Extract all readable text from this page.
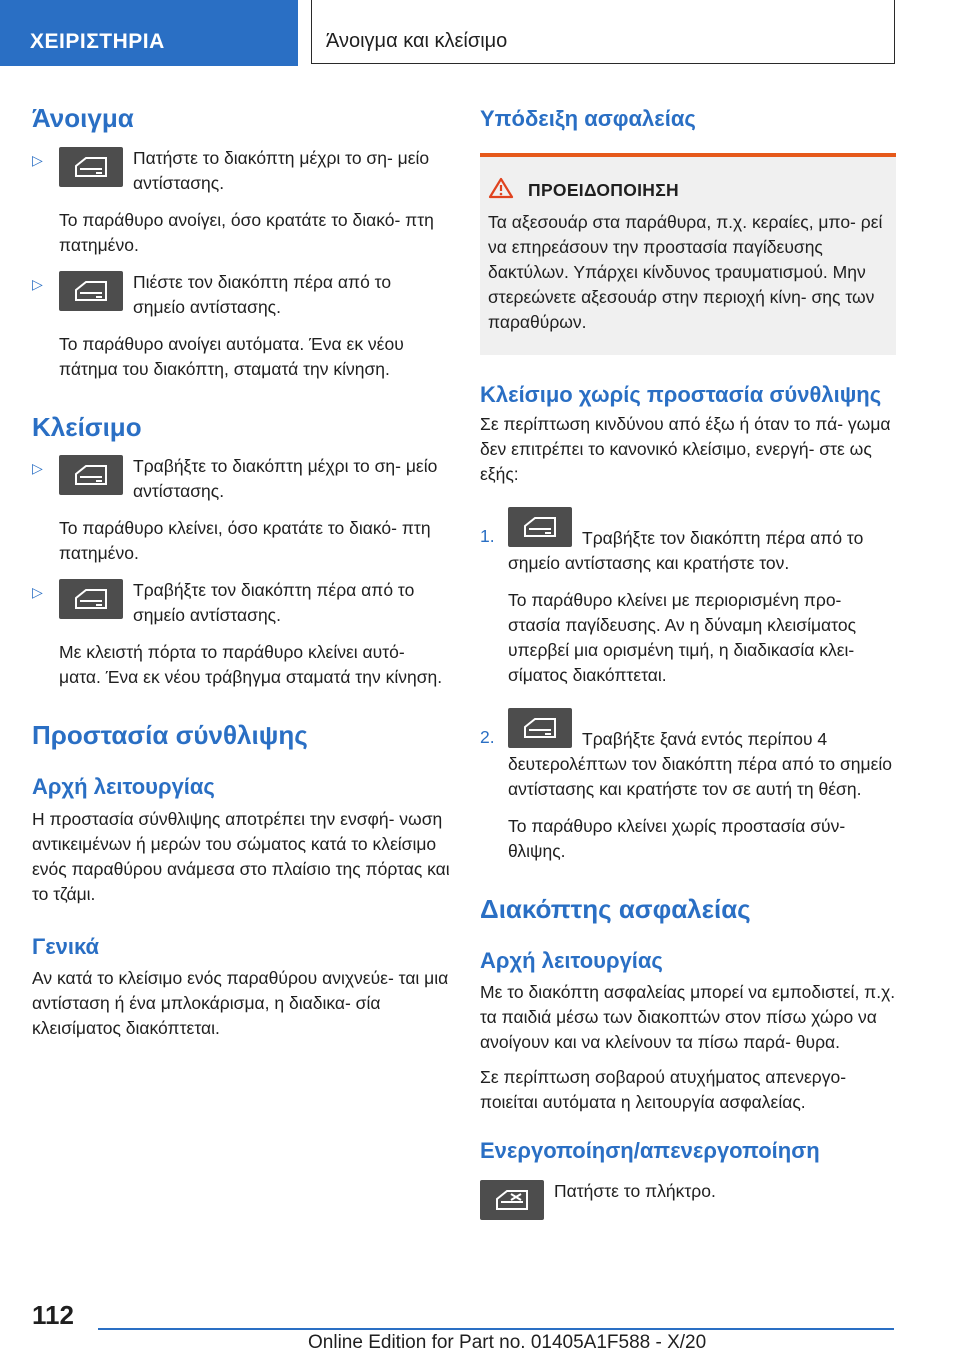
ΧΕΙΡΙΣΤΗΡΙΑ	Άνοιγμα και κλείσιμο
Άνοιγμα
▷	Πατήστε το διακόπτη μέχρι το ση‐ μείο αντίστασης.

Το παράθυρο ανοίγει, όσο κρατάτε το διακό‐ πτη πατημένο.

▷	Πιέστε τον διακόπτη πέρα από το σημείο αντίστασης.

Το παράθυρο ανοίγει αυτόματα. Ένα εκ νέου πάτημα του διακόπτη, σταματά την κίνηση.

Κλείσιμο
▷	Τραβήξτε το διακόπτη μέχρι το ση‐ μείο αντίστασης.

Το παράθυρο κλείνει, όσο κρατάτε το διακό‐ πτη πατημένο.

▷	Τραβήξτε τον διακόπτη πέρα από το σημείο αντίστασης.

Με κλειστή πόρτα το παράθυρο κλείνει αυτό‐ ματα. Ένα εκ νέου τράβηγμα σταματά την κίνηση.

Προστασία σύνθλιψης
Αρχή λειτουργίας

Η προστασία σύνθλιψης αποτρέπει την ενσφή‐ νωση αντικειμένων ή μερών του σώματος κατά το κλείσιμο ενός παραθύρου ανάμεσα στο πλαίσιο της πόρτας και το τζάμι.

Γενικά

Αν κατά το κλείσιμο ενός παραθύρου ανιχνεύε‐ ται μια αντίσταση ή ένα μπλοκάρισμα, η διαδικα‐ σία κλεισίματος διακόπτεται.

Υπόδειξη ασφαλείας
ΠΡΟΕΙΔΟΠΟΙΗΣΗ

Τα αξεσουάρ στα παράθυρα, π.χ. κεραίες, μπο‐ ρεί να επηρεάσουν την προστασία παγίδευσης δακτύλων. Υπάρχει κίνδυνος τραυματισμού. Μην στερεώνετε αξεσουάρ στην περιοχή κίνη‐ σης των παραθύρων.

Κλείσιμο χωρίς προστασία σύνθλιψης

Σε περίπτωση κινδύνου από έξω ή όταν το πά‐ γωμα δεν επιτρέπει το κανονικό κλείσιμο, ενεργή‐ στε ως εξής:

1.	Τραβήξτε τον διακόπτη πέρα από το σημείο αντίστασης και κρατήστε τον.

Το παράθυρο κλείνει με περιορισμένη προ‐ στασία παγίδευσης. Αν η δύναμη κλεισίματος υπερβεί μια ορισμένη τιμή, η διαδικασία κλει‐ σίματος διακόπτεται.

2.	Τραβήξτε ξανά εντός περίπου 4 δευτερολέπτων τον διακόπτη πέρα από το σημείο αντίστασης και κρατήστε τον σε αυτή τη θέση.

Το παράθυρο κλείνει χωρίς προστασία σύν‐ θλιψης.

Διακόπτης ασφαλείας
Αρχή λειτουργίας

Με το διακόπτη ασφαλείας μπορεί να εμποδιστεί, π.χ. τα παιδιά μέσω των διακοπτών στον πίσω χώρο να ανοίγουν και να κλείνουν τα πίσω παρά‐ θυρα.

Σε περίπτωση σοβαρού ατυχήματος απενεργο‐ ποιείται αυτόματα η λειτουργία ασφαλείας.

Ενεργοποίηση/απενεργοποίηση

Πατήστε το πλήκτρο.

112
Online Edition for Part no. 01405A1F588 - X/20
